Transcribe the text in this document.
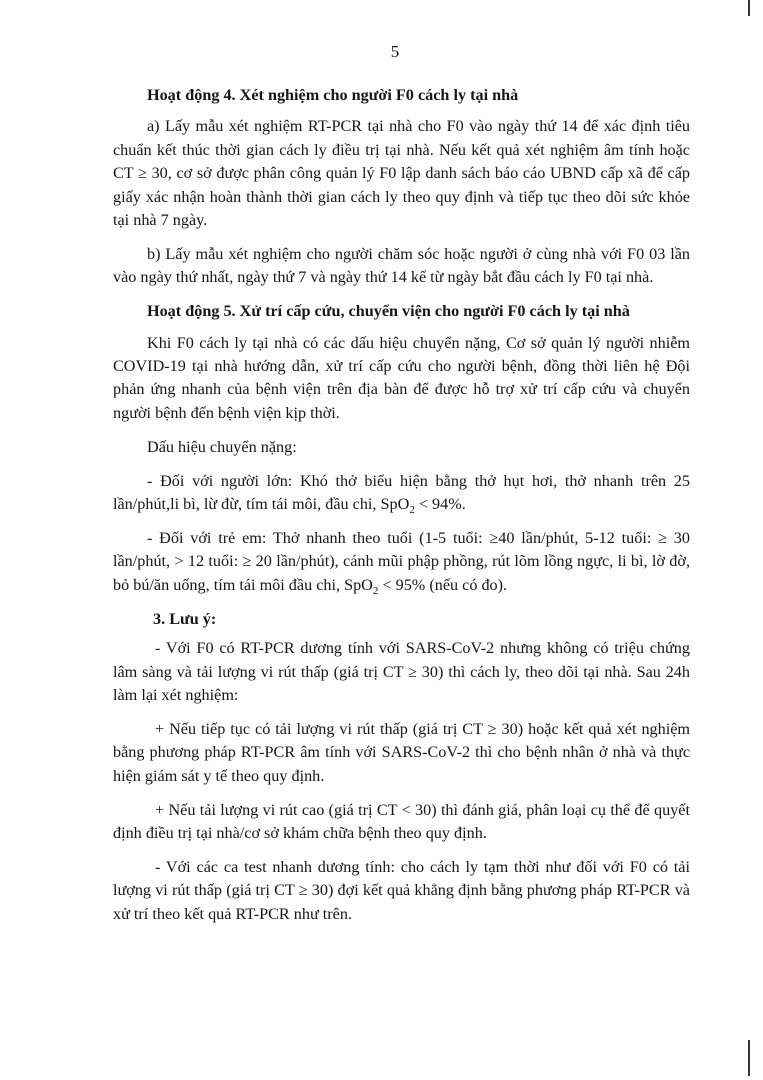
5

Hoạt động 4. Xét nghiệm cho người F0 cách ly tại nhà

a) Lấy mẫu xét nghiệm RT-PCR tại nhà cho F0 vào ngày thứ 14 để xác định tiêu chuẩn kết thúc thời gian cách ly điều trị tại nhà. Nếu kết quả xét nghiệm âm tính hoặc CT ≥ 30, cơ sở được phân công quản lý F0 lập danh sách báo cáo UBND cấp xã để cấp giấy xác nhận hoàn thành thời gian cách ly theo quy định và tiếp tục theo dõi sức khỏe tại nhà 7 ngày.

b) Lấy mẫu xét nghiệm cho người chăm sóc hoặc người ở cùng nhà với F0 03 lần vào ngày thứ nhất, ngày thứ 7 và ngày thứ 14 kể từ ngày bắt đầu cách ly F0 tại nhà.

Hoạt động 5. Xử trí cấp cứu, chuyển viện cho người F0 cách ly tại nhà

Khi F0 cách ly tại nhà có các dấu hiệu chuyển nặng, Cơ sở quản lý người nhiễm COVID-19 tại nhà hướng dẫn, xử trí cấp cứu cho người bệnh, đồng thời liên hệ Đội phản ứng nhanh của bệnh viện trên địa bàn để được hỗ trợ xử trí cấp cứu và chuyển người bệnh đến bệnh viện kịp thời.

Dấu hiệu chuyển nặng:

- Đối với người lớn: Khó thở biểu hiện bằng thở hụt hơi, thở nhanh trên 25 lần/phút,li bì, lừ đừ, tím tái môi, đầu chi, SpO$_2$ < 94%.

- Đối với trẻ em: Thở nhanh theo tuổi (1-5 tuổi: ≥40 lần/phút, 5-12 tuổi: ≥ 30 lần/phút, > 12 tuổi: ≥ 20 lần/phút), cánh mũi phập phồng, rút lõm lồng ngực, li bì, lờ đờ, bỏ bú/ăn uống, tím tái môi đầu chi, SpO$_2$ < 95% (nếu có đo).

3. Lưu ý:

- Với F0 có RT-PCR dương tính với SARS-CoV-2 nhưng không có triệu chứng lâm sàng và tải lượng vi rút thấp (giá trị CT ≥ 30) thì cách ly, theo dõi tại nhà. Sau 24h làm lại xét nghiệm:

+ Nếu tiếp tục có tải lượng vi rút thấp (giá trị CT ≥ 30) hoặc kết quả xét nghiệm bằng phương pháp RT-PCR âm tính với SARS-CoV-2 thì cho bệnh nhân ở nhà và thực hiện giám sát y tế theo quy định.

+ Nếu tải lượng vi rút cao (giá trị CT < 30) thì đánh giá, phân loại cụ thể để quyết định điều trị tại nhà/cơ sở khám chữa bệnh theo quy định.

- Với các ca test nhanh dương tính: cho cách ly tạm thời như đối với F0 có tải lượng vi rút thấp (giá trị CT ≥ 30) đợi kết quả khẳng định bằng phương pháp RT-PCR và xử trí theo kết quả RT-PCR như trên.
